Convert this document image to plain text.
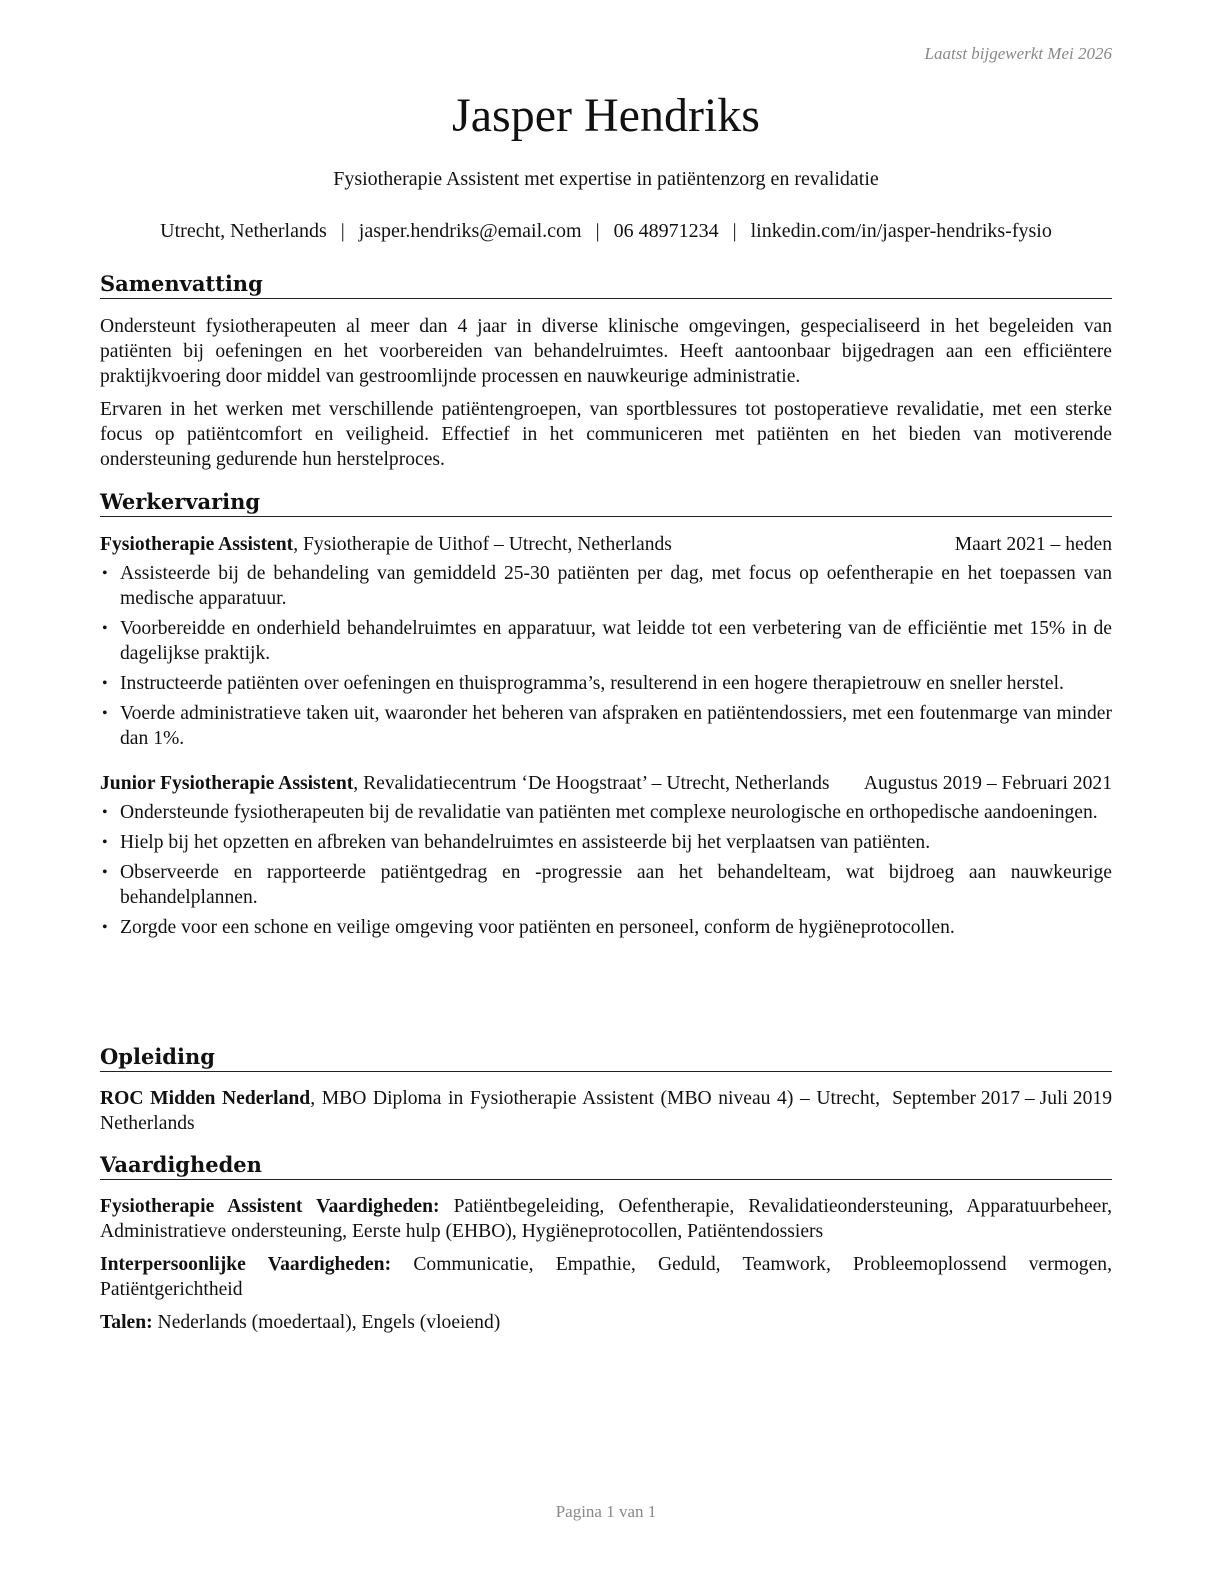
Laatst bijgewerkt Mei 2026
Jasper Hendriks
Fysiotherapie Assistent met expertise in patiëntenzorg en revalidatie
Utrecht, Netherlands | jasper.hendriks@email.com | 06 48971234 | linkedin.com/in/jasper-hendriks-fysio
Samenvatting

Ondersteunt fysiotherapeuten al meer dan 4 jaar in diverse klinische omgevingen, gespecialiseerd in het begeleiden van patiënten bij oefeningen en het voorbereiden van behandelruimtes. Heeft aantoonbaar bijgedragen aan een efficiëntere praktijkvoering door middel van gestroomlijnde processen en nauwkeurige administratie.

Ervaren in het werken met verschillende patiëntengroepen, van sportblessures tot postoperatieve revalidatie, met een sterke focus op patiëntcomfort en veiligheid. Effectief in het communiceren met patiënten en het bieden van motiverende ondersteuning gedurende hun herstelproces.

Werkervaring
Fysiotherapie Assistent, Fysiotherapie de Uithof – Utrecht, Netherlands	Maart 2021 – heden
• Assisteerde bij de behandeling van gemiddeld 25-30 patiënten per dag, met focus op oefentherapie en het toepassen van medische apparatuur.
• Voorbereidde en onderhield behandelruimtes en apparatuur, wat leidde tot een verbetering van de efficiëntie met 15% in de dagelijkse praktijk.
• Instructeerde patiënten over oefeningen en thuisprogramma’s, resulterend in een hogere therapietrouw en sneller herstel.
• Voerde administratieve taken uit, waaronder het beheren van afspraken en patiëntendossiers, met een foutenmarge van minder dan 1%.
Junior Fysiotherapie Assistent, Revalidatiecentrum ‘De Hoogstraat’ – Utrecht, Netherlands	Augustus 2019 – Februari 2021
• Ondersteunde fysiotherapeuten bij de revalidatie van patiënten met complexe neurologische en orthopedische aandoeningen.
• Hielp bij het opzetten en afbreken van behandelruimtes en assisteerde bij het verplaatsen van patiënten.
• Observeerde en rapporteerde patiëntgedrag en -progressie aan het behandelteam, wat bijdroeg aan nauwkeurige behandelplannen.
• Zorgde voor een schone en veilige omgeving voor patiënten en personeel, conform de hygiëneprotocollen.
Opleiding
ROC Midden Nederland, MBO Diploma in Fysiotherapie Assistent (MBO niveau 4) – Utrecht, Netherlands
September 2017 – Juli 2019
Vaardigheden

Fysiotherapie Assistent Vaardigheden: Patiëntbegeleiding, Oefentherapie, Revalidatieondersteuning, Apparatuurbeheer, Administratieve ondersteuning, Eerste hulp (EHBO), Hygiëneprotocollen, Patiëntendossiers

Interpersoonlijke Vaardigheden: Communicatie, Empathie, Geduld, Teamwork, Probleemoplossend vermogen, Patiëntgerichtheid

Talen: Nederlands (moedertaal), Engels (vloeiend)

Pagina 1 van 1
